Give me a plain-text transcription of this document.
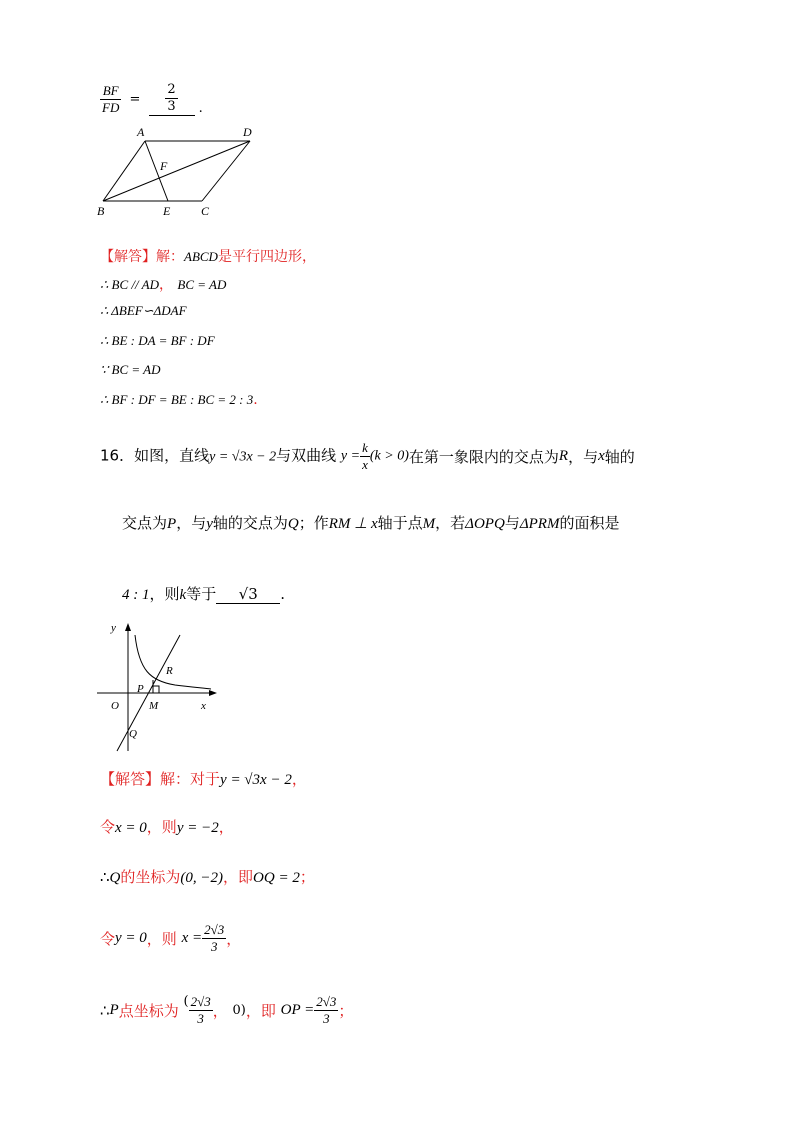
$\frac{BF}{FD} = \frac{2}{3}$ .
A	D
F
B	E	C
【解答】解：ABCD是平行四边形，
∴ BC // AD， BC = AD
∴ ΔBEF∽ΔDAF
∴ BE : DA = BF : DF
∵ BC = AD
∴ BF : DF = BE : BC = 2 : 3.
16．如图，直线y = √3x − 2与双曲线 $y = \frac{k}{x} (k > 0)$在第一象限内的交点为R，与x轴的
交点为P，与y轴的交点为Q；作RM ⊥ x轴于点M，若ΔOPQ与ΔPRM的面积是
4 : 1，则k等于 √3 .
y
x
O
P
R
M
Q
【解答】解：对于y = √3x − 2，
令x = 0，则y = −2，
∴Q的坐标为(0, −2)，即OQ = 2；
令y = 0，则 $x = \frac{2√3}{3}$ ，
∴P点坐标为 ( $\frac{2√3}{3}$ ， 0)，即 OP = $\frac{2√3}{3}$ ；
